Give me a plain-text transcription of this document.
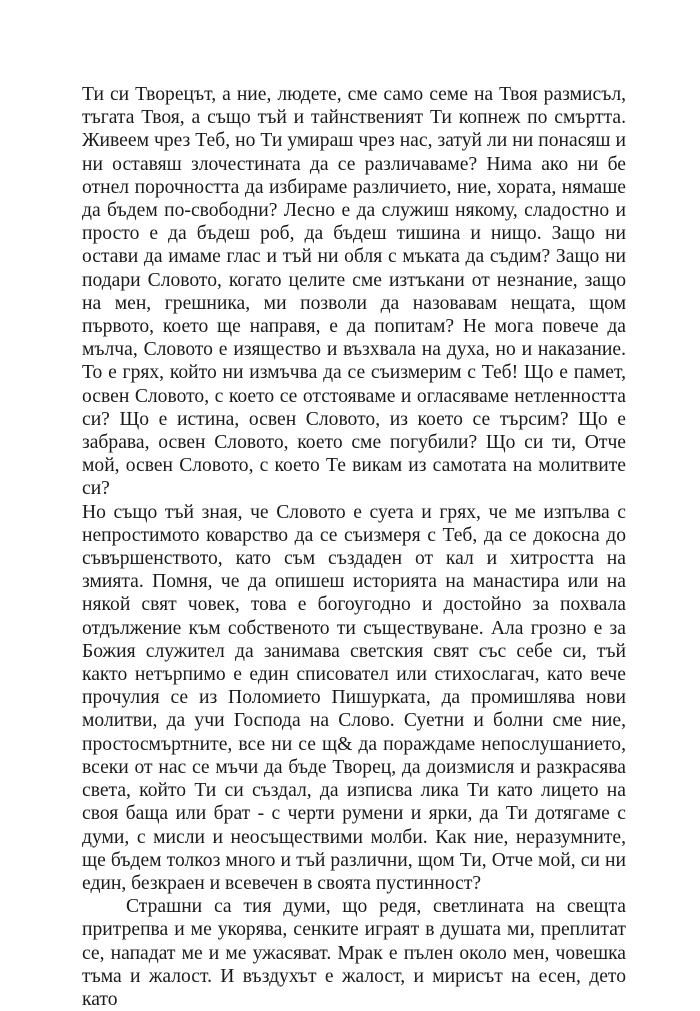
Ти си Творецът, а ние, людете, сме само семе на Твоя размисъл, тъгата Твоя, а също тъй и тайнственият Ти копнеж по смъртта. Живеем чрез Теб, но Ти умираш чрез нас, затуй ли ни понасяш и ни оставяш злочестината да се различаваме? Нима ако ни бе отнел порочността да избираме различието, ние, хората, нямаше да бъдем по-свободни? Лесно е да служиш някому, сладостно и просто е да бъдеш роб, да бъдеш тишина и нищо. Защо ни остави да имаме глас и тъй ни обля с мъката да съдим? Защо ни подари Словото, когато целите сме изтъкани от незнание, защо на мен, грешника, ми позволи да назовавам нещата, щом първото, което ще направя, е да попитам? Не мога повече да мълча, Словото е изящество и възхвала на духа, но и наказание. То е грях, който ни измъчва да се съизмерим с Теб! Що е памет, освен Словото, с което се отстояваме и огласяваме нетленността си? Що е истина, освен Словото, из което се търсим? Що е забрава, освен Словото, което сме погубили? Що си ти, Отче мой, освен Словото, с което Те викам из самотата на молитвите си?

Но също тъй зная, че Словото е суета и грях, че ме изпълва с непростимото коварство да се съизмеря с Теб, да се докосна до съвършенството, като съм създаден от кал и хитростта на змията. Помня, че да опишеш историята на манастира или на някой свят човек, това е богоугодно и достойно за похвала отдължение към собственото ти съществуване. Ала грозно е за Божия служител да занимава светския свят със себе си, тъй както нетърпимо е един списовател или стихослагач, като вече прочулия се из Поломието Пишурката, да промишлява нови молитви, да учи Господа на Слово. Суетни и болни сме ние, простосмъртните, все ни се щ& да пораждаме непослушанието, всеки от нас се мъчи да бъде Творец, да доизмисля и разкрасява света, който Ти си създал, да изписва лика Ти като лицето на своя баща или брат - с черти румени и ярки, да Ти дотягаме с думи, с мисли и неосъществими молби. Как ние, неразумните, ще бъдем толкоз много и тъй различни, щом Ти, Отче мой, си ни един, безкраен и всевечен в своята пустинност?

Страшни са тия думи, що редя, светлината на свещта притрепва и ме укорява, сенките играят в душата ми, преплитат се, нападат ме и ме ужасяват. Мрак е пълен около мен, човешка тъма и жалост. И въздухът е жалост, и мирисът на есен, дето като
